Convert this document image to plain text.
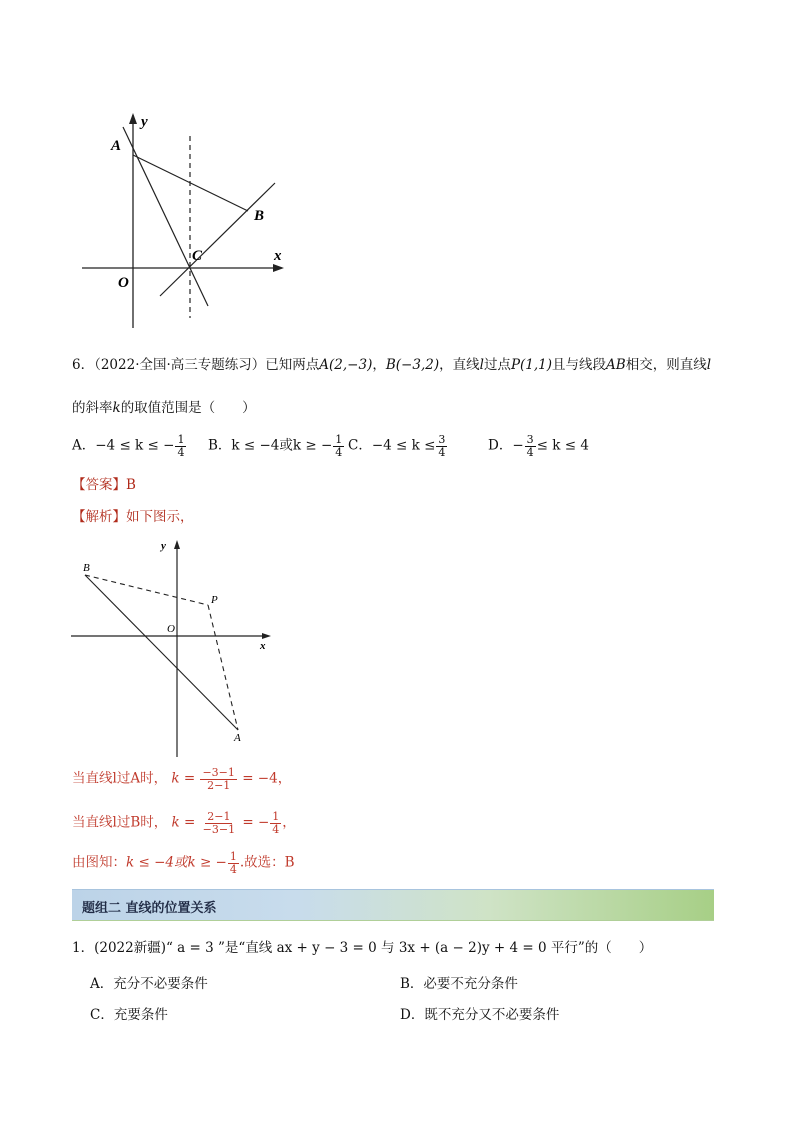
y
x
A
B
C
O
6．（2022·全国·高三专题练习）已知两点A(2,−3)，B(−3,2)，直线l过点P(1,1)且与线段AB相交，则直线l
的斜率k的取值范围是（　　）
A．−4 ≤ k ≤ − $\frac{1}{4}$ B．k ≤ −4或k ≥ − $\frac{1}{4}$ C．$-4 \le k \le \frac{3}{4}$	D．− $\frac{3}{4} \le k \le 4$
【答案】B
【解析】如下图示，
y
x
B
P
O
A
当直线l过A时， $k = \frac{-3-1}{2-1} = -4$，
当直线l过B时， $k = \frac{2-1}{-3-1}$ = − $\frac{1}{4}$ ，
由图知：k ≤ −4或k ≥ − $\frac{1}{4}$ .故选：B
题组二 直线的位置关系
1．(2022新疆)“ a = 3 ”是“直线 ax + y − 3 = 0 与 3x + (a − 2)y + 4 = 0 平行”的（　　）
A．充分不必要条件	B．必要不充分条件
C．充要条件	D．既不充分又不必要条件
